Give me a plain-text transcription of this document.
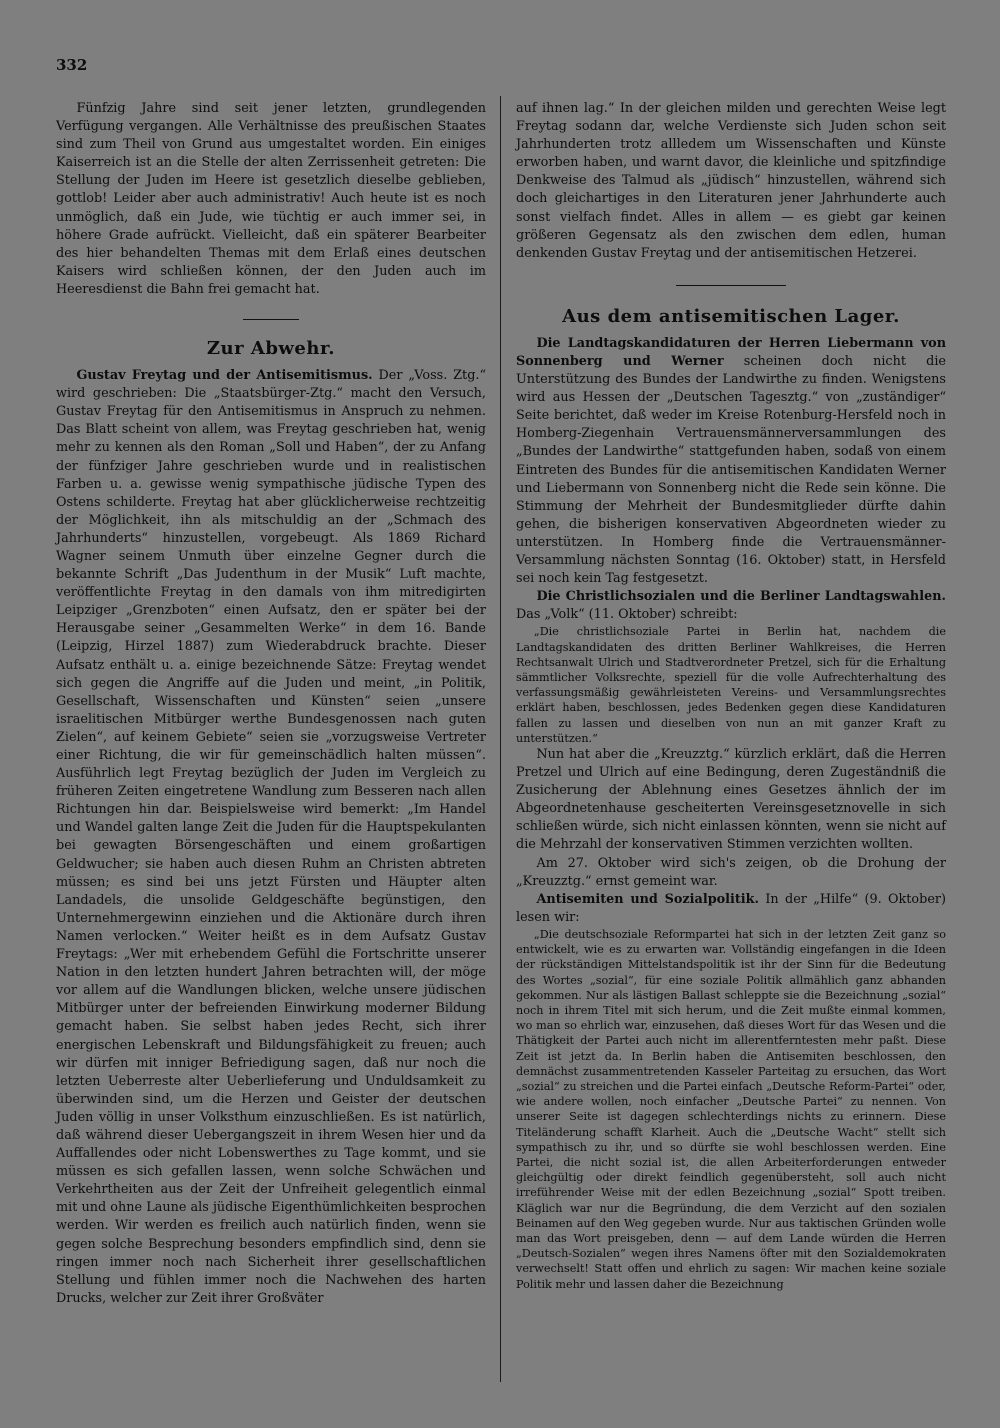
332

Fünfzig Jahre sind seit jener letzten, grundlegenden Verfügung vergangen. Alle Verhältnisse des preußischen Staates sind zum Theil von Grund aus umgestaltet worden. Ein einiges Kaiserreich ist an die Stelle der alten Zerrissenheit getreten: Die Stellung der Juden im Heere ist gesetzlich dieselbe geblieben, gottlob! Leider aber auch administrativ! Auch heute ist es noch unmöglich, daß ein Jude, wie tüchtig er auch immer sei, in höhere Grade aufrückt. Vielleicht, daß ein späterer Bearbeiter des hier behandelten Themas mit dem Erlaß eines deutschen Kaisers wird schließen können, der den Juden auch im Heeresdienst die Bahn frei gemacht hat.

Zur Abwehr.

Gustav Freytag und der Antisemitismus. Der „Voss. Ztg.“ wird geschrieben: Die „Staatsbürger-Ztg.“ macht den Versuch, Gustav Freytag für den Antisemitismus in Anspruch zu nehmen. Das Blatt scheint von allem, was Freytag geschrieben hat, wenig mehr zu kennen als den Roman „Soll und Haben“, der zu Anfang der fünfziger Jahre geschrieben wurde und in realistischen Farben u. a. gewisse wenig sympathische jüdische Typen des Ostens schilderte. Freytag hat aber glücklicherweise rechtzeitig der Möglichkeit, ihn als mitschuldig an der „Schmach des Jahrhunderts“ hinzustellen, vorgebeugt. Als 1869 Richard Wagner seinem Unmuth über einzelne Gegner durch die bekannte Schrift „Das Judenthum in der Musik“ Luft machte, veröffentlichte Freytag in den damals von ihm mitredigirten Leipziger „Grenzboten“ einen Aufsatz, den er später bei der Herausgabe seiner „Gesammelten Werke“ in dem 16. Bande (Leipzig, Hirzel 1887) zum Wiederabdruck brachte. Dieser Aufsatz enthält u. a. einige bezeichnende Sätze: Freytag wendet sich gegen die Angriffe auf die Juden und meint, „in Politik, Gesellschaft, Wissenschaften und Künsten“ seien „unsere israelitischen Mitbürger werthe Bundesgenossen nach guten Zielen“, auf keinem Gebiete“ seien sie „vorzugsweise Vertreter einer Richtung, die wir für gemeinschädlich halten müssen“. Ausführlich legt Freytag bezüglich der Juden im Vergleich zu früheren Zeiten eingetretene Wandlung zum Besseren nach allen Richtungen hin dar. Beispielsweise wird bemerkt: „Im Handel und Wandel galten lange Zeit die Juden für die Hauptspekulanten bei gewagten Börsengeschäften und einem großartigen Geldwucher; sie haben auch diesen Ruhm an Christen abtreten müssen; es sind bei uns jetzt Fürsten und Häupter alten Landadels, die unsolide Geldgeschäfte begünstigen, den Unternehmergewinn einziehen und die Aktionäre durch ihren Namen verlocken.“ Weiter heißt es in dem Aufsatz Gustav Freytags: „Wer mit erhebendem Gefühl die Fortschritte unserer Nation in den letzten hundert Jahren betrachten will, der möge vor allem auf die Wandlungen blicken, welche unsere jüdischen Mitbürger unter der befreienden Einwirkung moderner Bildung gemacht haben. Sie selbst haben jedes Recht, sich ihrer energischen Lebenskraft und Bildungsfähigkeit zu freuen; auch wir dürfen mit inniger Befriedigung sagen, daß nur noch die letzten Ueberreste alter Ueberlieferung und Unduldsamkeit zu überwinden sind, um die Herzen und Geister der deutschen Juden völlig in unser Volksthum einzuschließen. Es ist natürlich, daß während dieser Uebergangszeit in ihrem Wesen hier und da Auffallendes oder nicht Lobenswerthes zu Tage kommt, und sie müssen es sich gefallen lassen, wenn solche Schwächen und Verkehrtheiten aus der Zeit der Unfreiheit gelegentlich einmal mit und ohne Laune als jüdische Eigenthümlichkeiten besprochen werden. Wir werden es freilich auch natürlich finden, wenn sie gegen solche Besprechung besonders empfindlich sind, denn sie ringen immer noch nach Sicherheit ihrer gesellschaftlichen Stellung und fühlen immer noch die Nachwehen des harten Drucks, welcher zur Zeit ihrer Großväter

auf ihnen lag.“ In der gleichen milden und gerechten Weise legt Freytag sodann dar, welche Verdienste sich Juden schon seit Jahrhunderten trotz allledem um Wissenschaften und Künste erworben haben, und warnt davor, die kleinliche und spitzfindige Denkweise des Talmud als „jüdisch“ hinzustellen, während sich doch gleichartiges in den Literaturen jener Jahrhunderte auch sonst vielfach findet. Alles in allem — es giebt gar keinen größeren Gegensatz als den zwischen dem edlen, human denkenden Gustav Freytag und der antisemitischen Hetzerei.

Aus dem antisemitischen Lager.

Die Landtagskandidaturen der Herren Liebermann von Sonnenberg und Werner scheinen doch nicht die Unterstützung des Bundes der Landwirthe zu finden. Wenigstens wird aus Hessen der „Deutschen Tagesztg.“ von „zuständiger“ Seite berichtet, daß weder im Kreise Rotenburg-Hersfeld noch in Homberg-Ziegenhain Vertrauensmännerversammlungen des „Bundes der Landwirthe“ stattgefunden haben, sodaß von einem Eintreten des Bundes für die antisemitischen Kandidaten Werner und Liebermann von Sonnenberg nicht die Rede sein könne. Die Stimmung der Mehrheit der Bundesmitglieder dürfte dahin gehen, die bisherigen konservativen Abgeordneten wieder zu unterstützen. In Homberg finde die Vertrauensmänner-Versammlung nächsten Sonntag (16. Oktober) statt, in Hersfeld sei noch kein Tag festgesetzt.

Die Christlichsozialen und die Berliner Landtagswahlen. Das „Volk“ (11. Oktober) schreibt:

„Die christlichsoziale Partei in Berlin hat, nachdem die Landtagskandidaten des dritten Berliner Wahlkreises, die Herren Rechtsanwalt Ulrich und Stadtverordneter Pretzel, sich für die Erhaltung sämmtlicher Volksrechte, speziell für die volle Aufrechterhaltung des verfassungsmäßig gewährleisteten Vereins- und Versammlungsrechtes erklärt haben, beschlossen, jedes Bedenken gegen diese Kandidaturen fallen zu lassen und dieselben von nun an mit ganzer Kraft zu unterstützen.“

Nun hat aber die „Kreuzztg.“ kürzlich erklärt, daß die Herren Pretzel und Ulrich auf eine Bedingung, deren Zugeständniß die Zusicherung der Ablehnung eines Gesetzes ähnlich der im Abgeordnetenhause gescheiterten Vereinsgesetznovelle in sich schließen würde, sich nicht einlassen könnten, wenn sie nicht auf die Mehrzahl der konservativen Stimmen verzichten wollten.

Am 27. Oktober wird sich's zeigen, ob die Drohung der „Kreuzztg.“ ernst gemeint war.

Antisemiten und Sozialpolitik. In der „Hilfe“ (9. Oktober) lesen wir:

„Die deutschsoziale Reformpartei hat sich in der letzten Zeit ganz so entwickelt, wie es zu erwarten war. Vollständig eingefangen in die Ideen der rückständigen Mittelstandspolitik ist ihr der Sinn für die Bedeutung des Wortes „sozial“, für eine soziale Politik allmählich ganz abhanden gekommen. Nur als lästigen Ballast schleppte sie die Bezeichnung „sozial“ noch in ihrem Titel mit sich herum, und die Zeit mußte einmal kommen, wo man so ehrlich war, einzusehen, daß dieses Wort für das Wesen und die Thätigkeit der Partei auch nicht im allerentferntesten mehr paßt. Diese Zeit ist jetzt da. In Berlin haben die Antisemiten beschlossen, den demnächst zusammentretenden Kasseler Parteitag zu ersuchen, das Wort „sozial“ zu streichen und die Partei einfach „Deutsche Reform-Partei“ oder, wie andere wollen, noch einfacher „Deutsche Partei“ zu nennen. Von unserer Seite ist dagegen schlechterdings nichts zu erinnern. Diese Titeländerung schafft Klarheit. Auch die „Deutsche Wacht“ stellt sich sympathisch zu ihr, und so dürfte sie wohl beschlossen werden. Eine Partei, die nicht sozial ist, die allen Arbeiterforderungen entweder gleichgültig oder direkt feindlich gegenübersteht, soll auch nicht irreführender Weise mit der edlen Bezeichnung „sozial“ Spott treiben. Kläglich war nur die Begründung, die dem Verzicht auf den sozialen Beinamen auf den Weg gegeben wurde. Nur aus taktischen Gründen wolle man das Wort preisgeben, denn — auf dem Lande würden die Herren „Deutsch-Sozialen“ wegen ihres Namens öfter mit den Sozialdemokraten verwechselt! Statt offen und ehrlich zu sagen: Wir machen keine soziale Politik mehr und lassen daher die Bezeichnung
